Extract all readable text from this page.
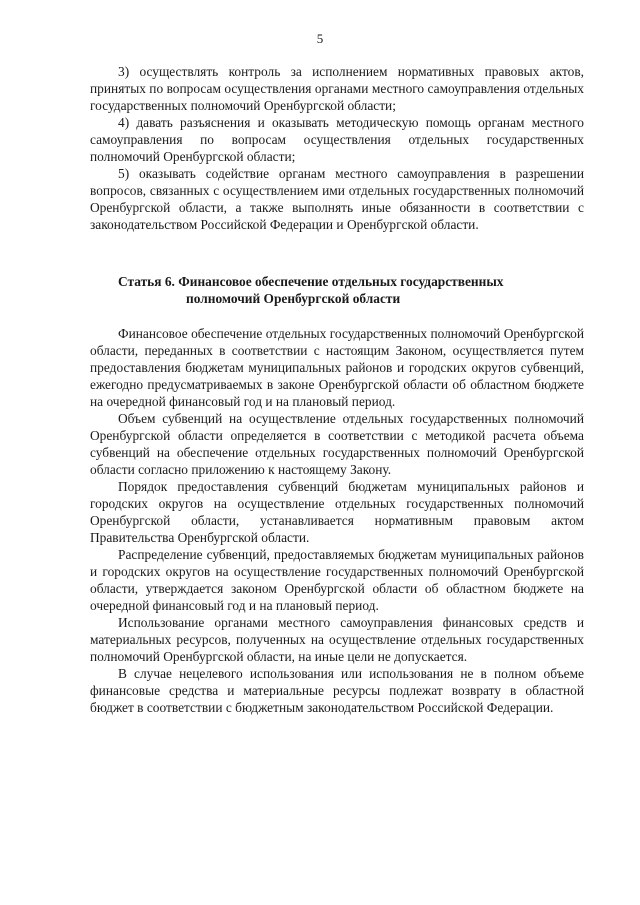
5

3) осуществлять контроль за исполнением нормативных правовых актов, принятых по вопросам осуществления органами местного самоуправления отдельных государственных полномочий Оренбургской области;

4) давать разъяснения и оказывать методическую помощь органам местного самоуправления по вопросам осуществления отдельных государственных полномочий Оренбургской области;

5) оказывать содействие органам местного самоуправления в разрешении вопросов, связанных с осуществлением ими отдельных государственных полномочий Оренбургской области, а также выполнять иные обязанности в соответствии с законодательством Российской Федерации и Оренбургской области.

Статья 6. Финансовое обеспечение отдельных государственных
полномочий Оренбургской области

Финансовое обеспечение отдельных государственных полномочий Оренбургской области, переданных в соответствии с настоящим Законом, осуществляется путем предоставления бюджетам муниципальных районов и городских округов субвенций, ежегодно предусматриваемых в законе Оренбургской области об областном бюджете на очередной финансовый год и на плановый период.

Объем субвенций на осуществление отдельных государственных полномочий Оренбургской области определяется в соответствии с методикой расчета объема субвенций на обеспечение отдельных государственных полномочий Оренбургской области согласно приложению к настоящему Закону.

Порядок предоставления субвенций бюджетам муниципальных районов и городских округов на осуществление отдельных государственных полномочий Оренбургской области, устанавливается нормативным правовым актом Правительства Оренбургской области.

Распределение субвенций, предоставляемых бюджетам муниципальных районов и городских округов на осуществление государственных полномочий Оренбургской области, утверждается законом Оренбургской области об областном бюджете на очередной финансовый год и на плановый период.

Использование органами местного самоуправления финансовых средств и материальных ресурсов, полученных на осуществление отдельных государственных полномочий Оренбургской области, на иные цели не допускается.

В случае нецелевого использования или использования не в полном объеме финансовые средства и материальные ресурсы подлежат возврату в областной бюджет в соответствии с бюджетным законодательством Российской Федерации.
